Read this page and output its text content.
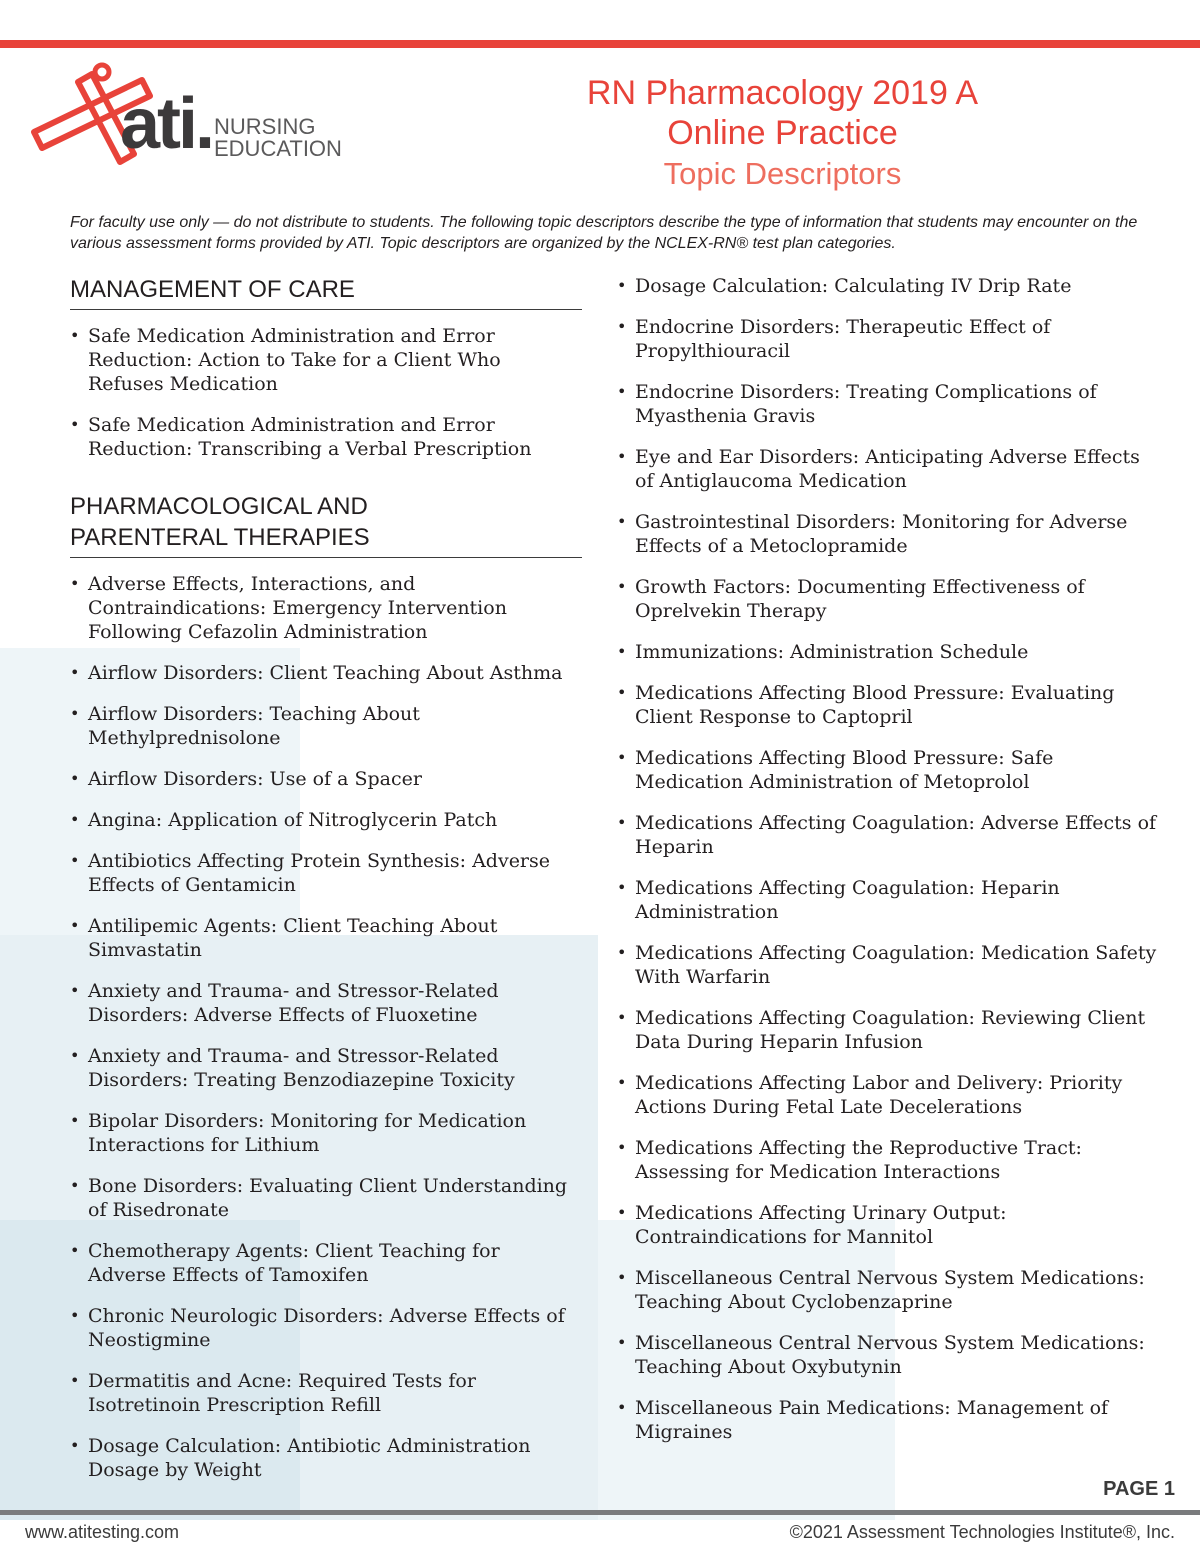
ati. NURSING
EDUCATION
RN Pharmacology 2019 A
Online Practice
Topic Descriptors
For faculty use only — do not distribute to students. The following topic descriptors describe the type of information that students may encounter on the various assessment forms provided by ATI. Topic descriptors are organized by the NCLEX-RN® test plan categories.
MANAGEMENT OF CARE
• Safe Medication Administration and Error Reduction: Action to Take for a Client Who Refuses Medication
• Safe Medication Administration and Error Reduction: Transcribing a Verbal Prescription
PHARMACOLOGICAL AND
PARENTERAL THERAPIES
• Adverse Effects, Interactions, and Contraindications: Emergency Intervention Following Cefazolin Administration
• Airflow Disorders: Client Teaching About Asthma
• Airflow Disorders: Teaching About Methylprednisolone
• Airflow Disorders: Use of a Spacer
• Angina: Application of Nitroglycerin Patch
• Antibiotics Affecting Protein Synthesis: Adverse Effects of Gentamicin
• Antilipemic Agents: Client Teaching About Simvastatin
• Anxiety and Trauma- and Stressor-Related Disorders: Adverse Effects of Fluoxetine
• Anxiety and Trauma- and Stressor-Related Disorders: Treating Benzodiazepine Toxicity
• Bipolar Disorders: Monitoring for Medication Interactions for Lithium
• Bone Disorders: Evaluating Client Understanding of Risedronate
• Chemotherapy Agents: Client Teaching for Adverse Effects of Tamoxifen
• Chronic Neurologic Disorders: Adverse Effects of Neostigmine
• Dermatitis and Acne: Required Tests for Isotretinoin Prescription Refill
• Dosage Calculation: Antibiotic Administration Dosage by Weight
• Dosage Calculation: Calculating IV Drip Rate
• Endocrine Disorders: Therapeutic Effect of Propylthiouracil
• Endocrine Disorders: Treating Complications of Myasthenia Gravis
• Eye and Ear Disorders: Anticipating Adverse Effects of Antiglaucoma Medication
• Gastrointestinal Disorders: Monitoring for Adverse Effects of a Metoclopramide
• Growth Factors: Documenting Effectiveness of Oprelvekin Therapy
• Immunizations: Administration Schedule
• Medications Affecting Blood Pressure: Evaluating Client Response to Captopril
• Medications Affecting Blood Pressure: Safe Medication Administration of Metoprolol
• Medications Affecting Coagulation: Adverse Effects of Heparin
• Medications Affecting Coagulation: Heparin Administration
• Medications Affecting Coagulation: Medication Safety With Warfarin
• Medications Affecting Coagulation: Reviewing Client Data During Heparin Infusion
• Medications Affecting Labor and Delivery: Priority Actions During Fetal Late Decelerations
• Medications Affecting the Reproductive Tract: Assessing for Medication Interactions
• Medications Affecting Urinary Output: Contraindications for Mannitol
• Miscellaneous Central Nervous System Medications: Teaching About Cyclobenzaprine
• Miscellaneous Central Nervous System Medications: Teaching About Oxybutynin
• Miscellaneous Pain Medications: Management of Migraines
PAGE 1
www.atitesting.com	©2021 Assessment Technologies Institute®, Inc.
